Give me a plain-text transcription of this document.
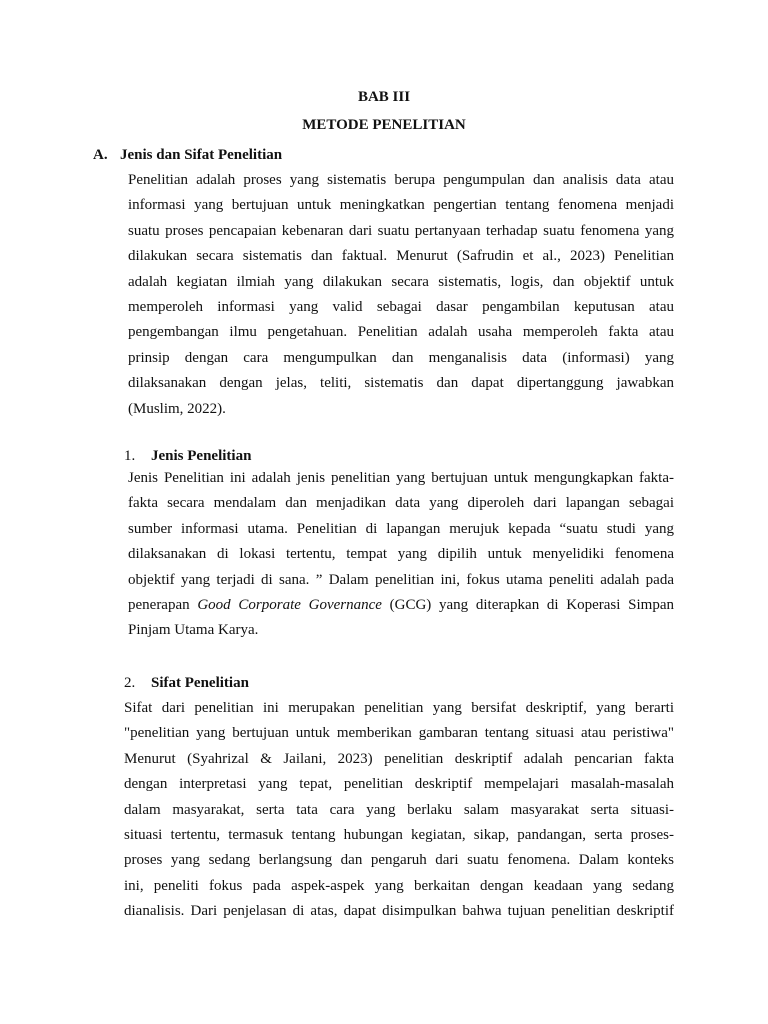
BAB III
METODE PENELITIAN
A. Jenis dan Sifat Penelitian
Penelitian adalah proses yang sistematis berupa pengumpulan dan analisis data atau
informasi yang bertujuan untuk meningkatkan pengertian tentang fenomena menjadi
suatu proses pencapaian kebenaran dari suatu pertanyaan terhadap suatu fenomena yang
dilakukan secara sistematis dan faktual. Menurut (Safrudin et al., 2023) Penelitian
adalah kegiatan ilmiah yang dilakukan secara sistematis, logis, dan objektif untuk
memperoleh informasi yang valid sebagai dasar pengambilan keputusan atau
pengembangan ilmu pengetahuan. Penelitian adalah usaha memperoleh fakta atau
prinsip dengan cara mengumpulkan dan menganalisis data (informasi) yang
dilaksanakan dengan jelas, teliti, sistematis dan dapat dipertanggung jawabkan
(Muslim, 2022).
1. Jenis Penelitian
Jenis Penelitian ini adalah jenis penelitian yang bertujuan untuk mengungkapkan fakta-
fakta secara mendalam dan menjadikan data yang diperoleh dari lapangan sebagai
sumber informasi utama. Penelitian di lapangan merujuk kepada “suatu studi yang
dilaksanakan di lokasi tertentu, tempat yang dipilih untuk menyelidiki fenomena
objektif yang terjadi di sana. ” Dalam penelitian ini, fokus utama peneliti adalah pada
penerapan Good Corporate Governance (GCG) yang diterapkan di Koperasi Simpan
Pinjam Utama Karya.
2. Sifat Penelitian
Sifat dari penelitian ini merupakan penelitian yang bersifat deskriptif, yang berarti
"penelitian yang bertujuan untuk memberikan gambaran tentang situasi atau peristiwa"
Menurut (Syahrizal & Jailani, 2023) penelitian deskriptif adalah pencarian fakta
dengan interpretasi yang tepat, penelitian deskriptif mempelajari masalah-masalah
dalam masyarakat, serta tata cara yang berlaku salam masyarakat serta situasi-
situasi tertentu, termasuk tentang hubungan kegiatan, sikap, pandangan, serta proses-
proses yang sedang berlangsung dan pengaruh dari suatu fenomena. Dalam konteks
ini, peneliti fokus pada aspek-aspek yang berkaitan dengan keadaan yang sedang
dianalisis. Dari penjelasan di atas, dapat disimpulkan bahwa tujuan penelitian deskriptif
